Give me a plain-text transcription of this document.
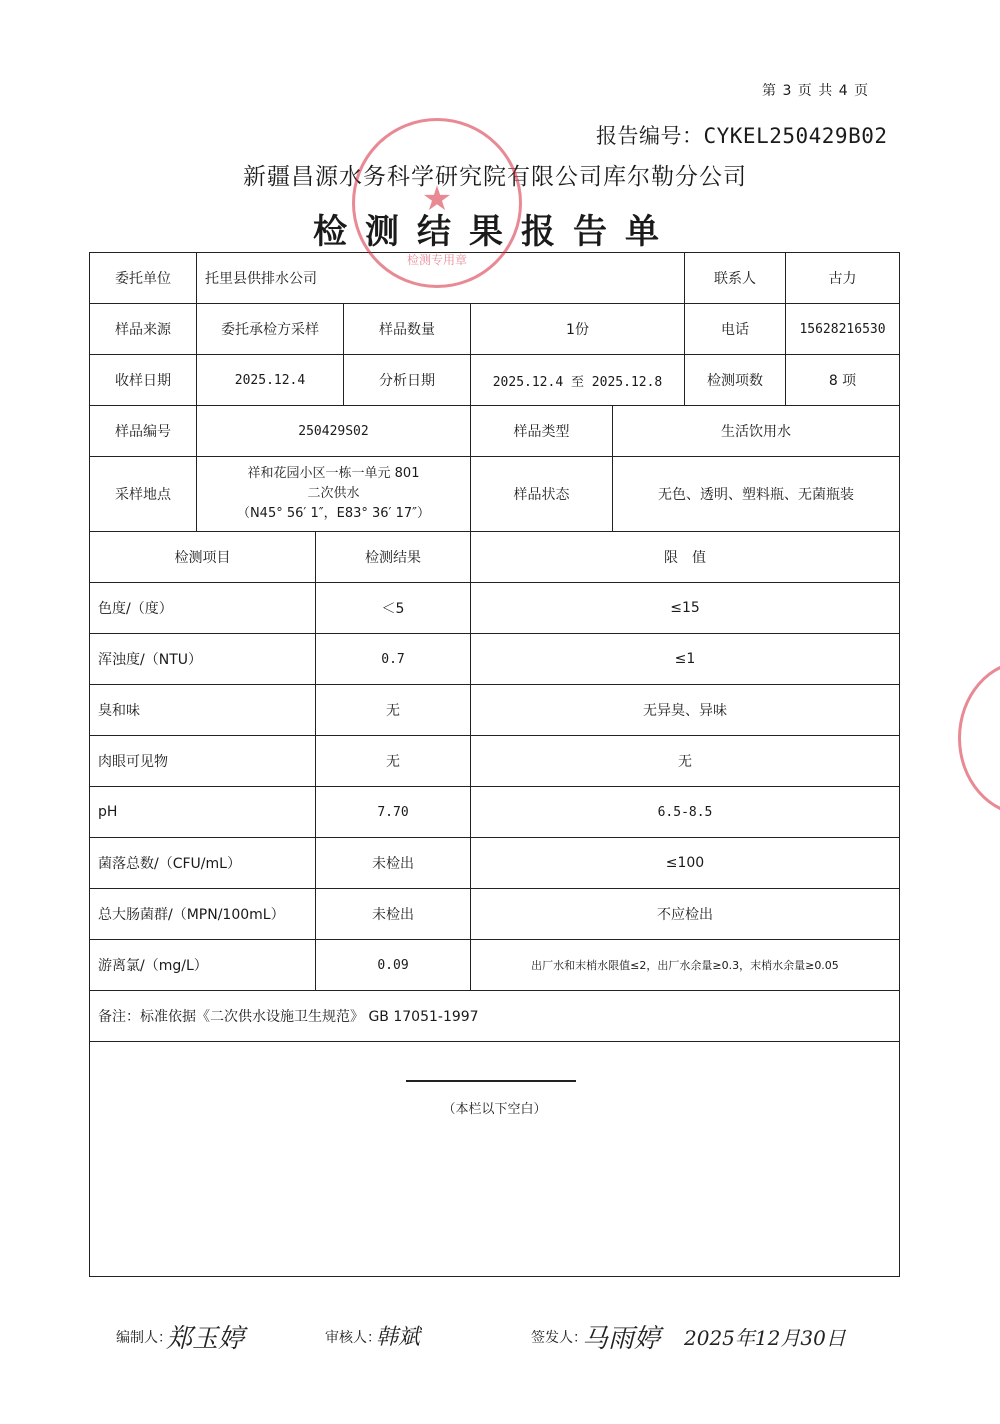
第 3 页 共 4 页
报告编号：CYKEL250429B02
新疆昌源水务科学研究院有限公司库尔勒分公司
检测结果报告单
委托单位	托里县供排水公司					联系人	古力
样品来源	委托承检方采样		样品数量	1份		电话	15628216530
收样日期	2025.12.4		分析日期	2025.12.4 至 2025.12.8		检测项数	8 项
样品编号	250429S02			样品类型	生活饮用水		
采样地点	祥和花园小区一栋一单元 801
二次供水
（N45° 56′ 1″，E83° 36′ 17″）			样品状态	无色、透明、塑料瓶、无菌瓶装		
检测项目		检测结果		限　值			
色度/（度）		＜5		≤15			
浑浊度/（NTU）		0.7		≤1			
臭和味		无		无异臭、异味			
肉眼可见物		无		无			
pH		7.70		6.5-8.5			
菌落总数/（CFU/mL）		未检出		≤100			
总大肠菌群/（MPN/100mL）		未检出		不应检出			
游离氯/（mg/L）		0.09		出厂水和末梢水限值≤2，出厂水余量≥0.3，末梢水余量≥0.05			
备注：标准依据《二次供水设施卫生规范》 GB 17051-1997							

（本栏以下空白）							
编制人：
郑玉婷	审核人：
韩斌	签发人：
马雨婷 2025年12月30日
★
检测专用章
